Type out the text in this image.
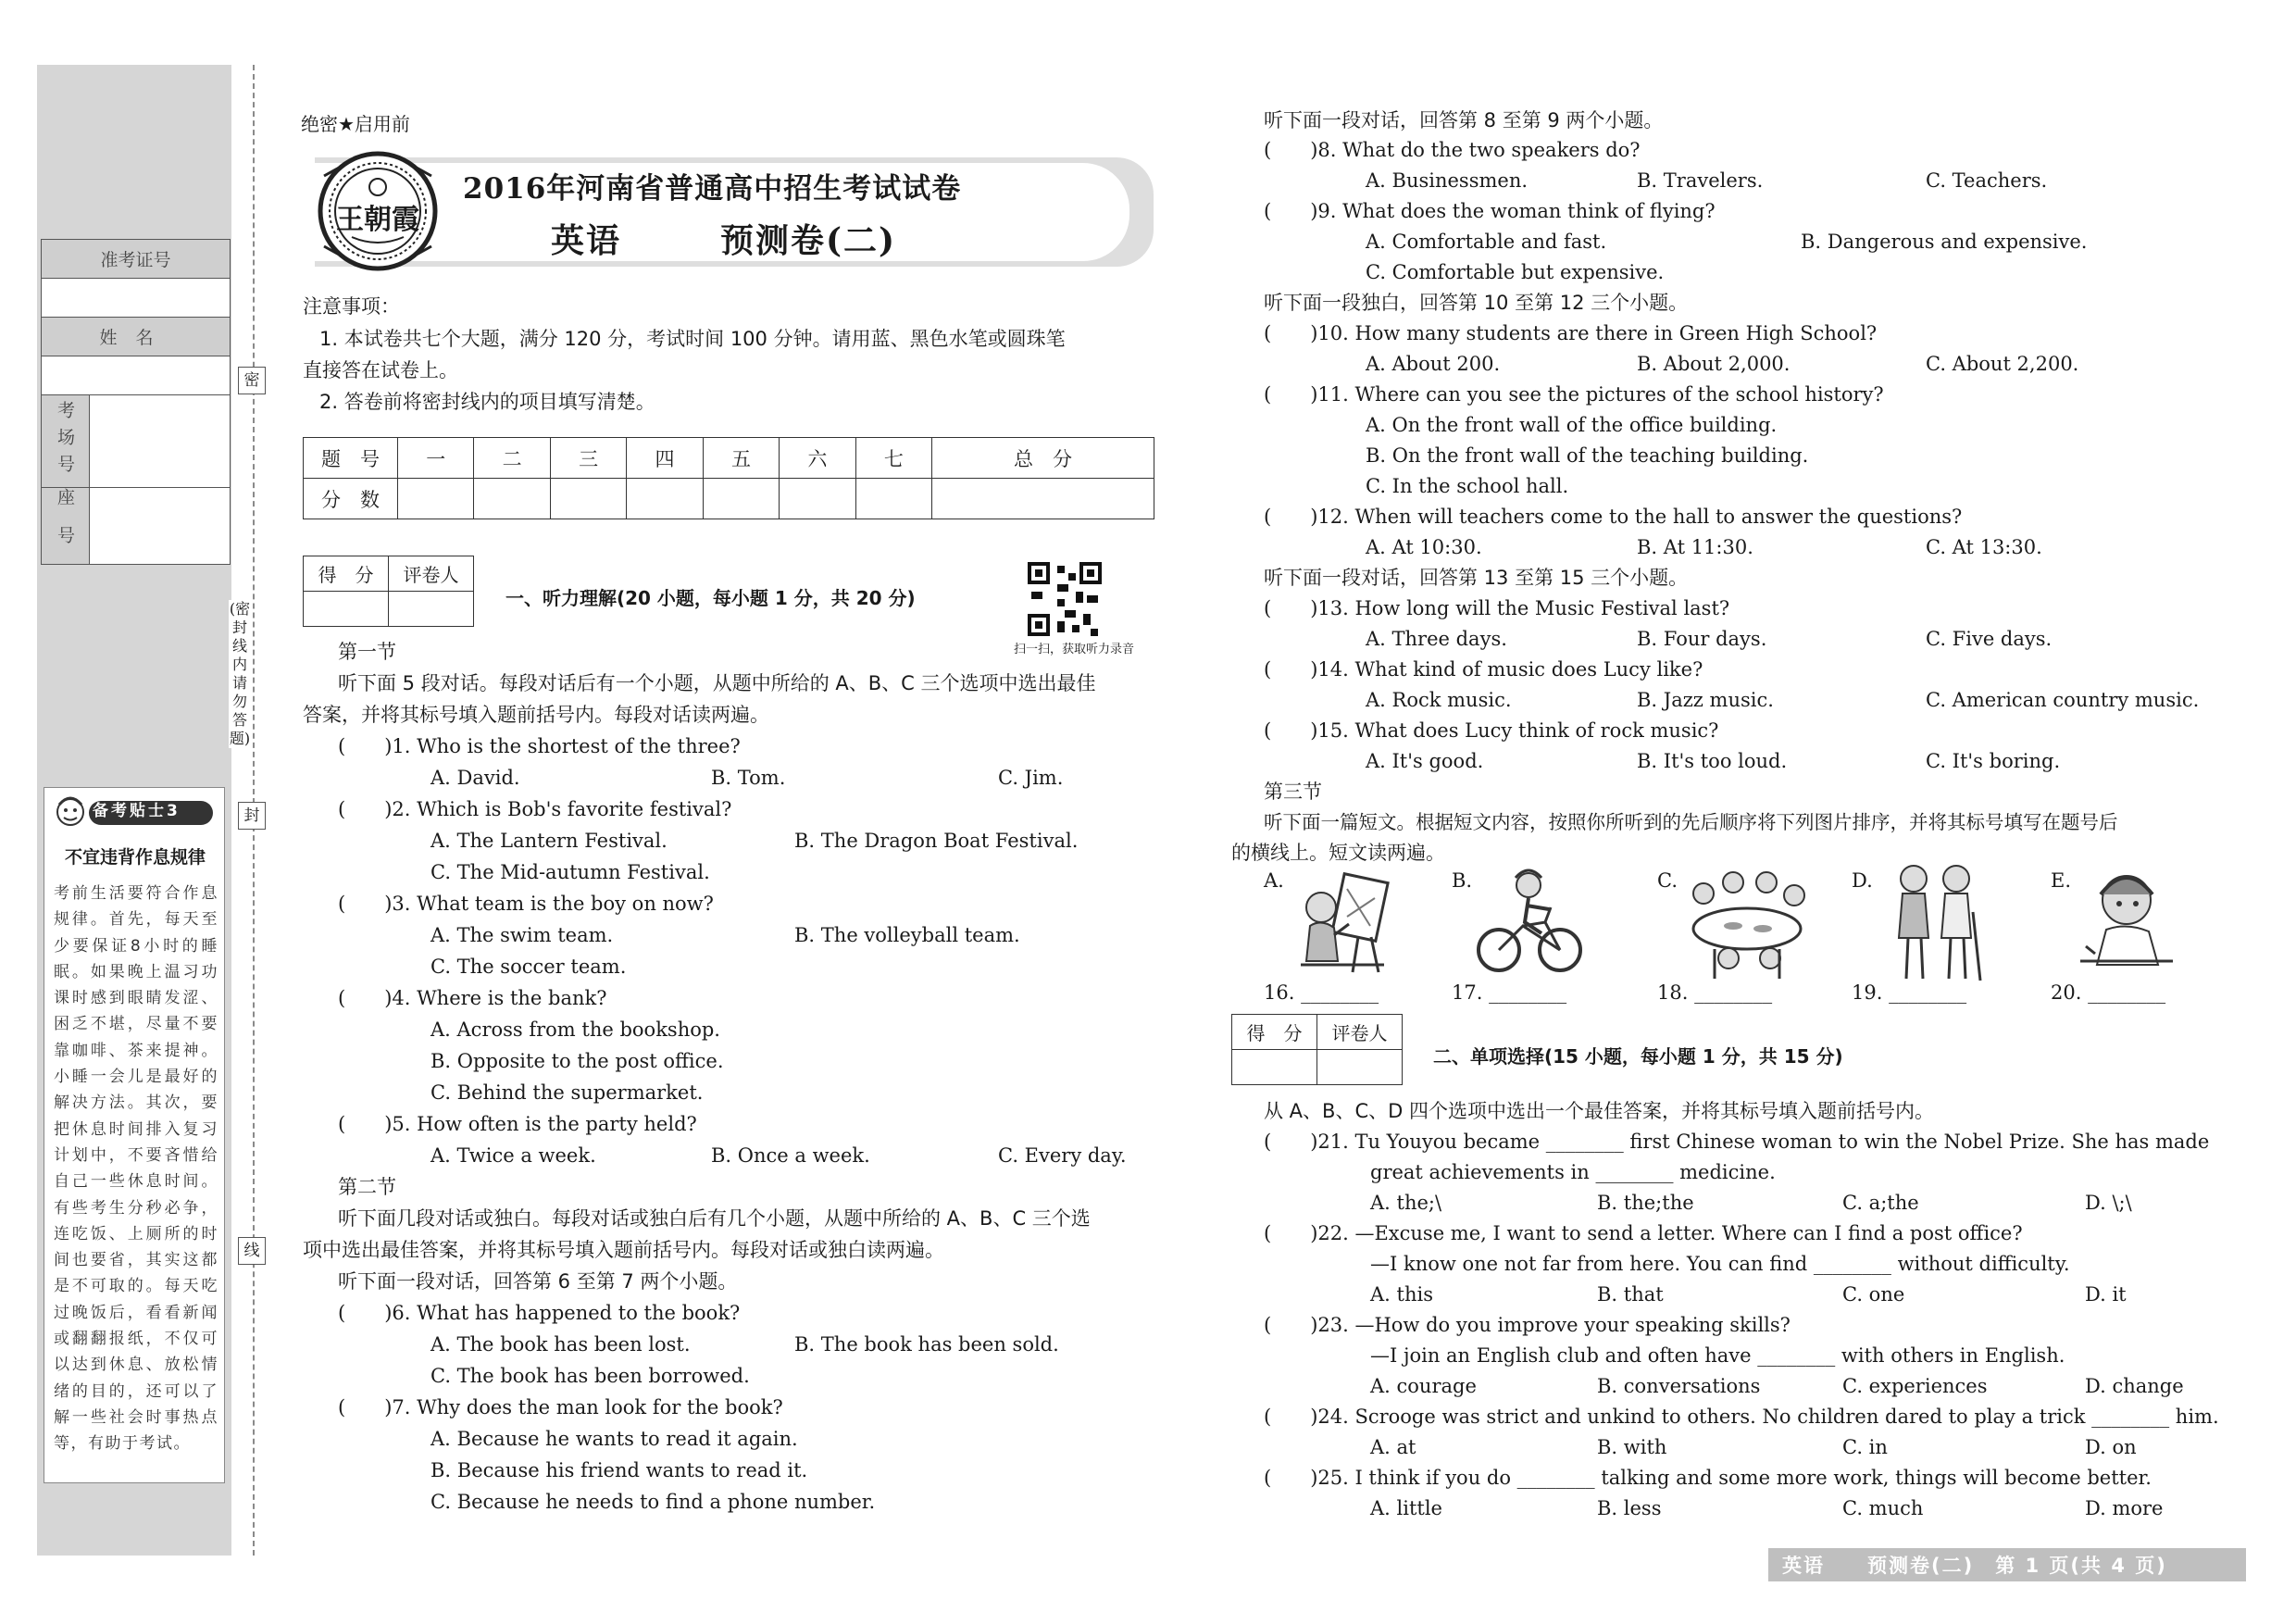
密
封
线
(密封线内请勿答题)
准考证号

姓名

考场号

座号
备考贴士3
不宜违背作息规律
考前生活要符合作息规律。首先，每天至少要保证8小时的睡眠。如果晚上温习功课时感到眼睛发涩、困乏不堪，尽量不要靠咖啡、茶来提神。小睡一会儿是最好的解决方法。其次，要把休息时间排入复习计划中，不要吝惜给自己一些休息时间。有些考生分秒必争，连吃饭、上厕所的时间也要省，其实这都是不可取的。每天吃过晚饭后，看看新闻或翻翻报纸，不仅可以达到休息、放松情绪的目的，还可以了解一些社会时事热点等，有助于考试。
绝密★启用前
王朝霞
2016年河南省普通高中招生考试试卷
英语	预测卷(二)
注意事项：
1. 本试卷共七个大题，满分 120 分，考试时间 100 分钟。请用蓝、黑色水笔或圆珠笔
直接答在试卷上。
2. 答卷前将密封线内的项目填写清楚。
题　号	一	二	三	四	五	六	七	总　分
分　数								
得　分	评卷人

一、听力理解(20 小题，每小题 1 分，共 20 分)
扫一扫，获取听力录音
第一节
听下面 5 段对话。每段对话后有一个小题，从题中所给的 A、B、C 三个选项中选出最佳
答案，并将其标号填入题前括号内。每段对话读两遍。
(　　)1. Who is the shortest of the three?
A. David.	B. Tom.	C. Jim.
(　　)2. Which is Bob's favorite festival?
A. The Lantern Festival.	B. The Dragon Boat Festival.
C. The Mid-autumn Festival.
(　　)3. What team is the boy on now?
A. The swim team.	B. The volleyball team.
C. The soccer team.
(　　)4. Where is the bank?
A. Across from the bookshop.
B. Opposite to the post office.
C. Behind the supermarket.
(　　)5. How often is the party held?
A. Twice a week.	B. Once a week.	C. Every day.
第二节
听下面几段对话或独白。每段对话或独白后有几个小题，从题中所给的 A、B、C 三个选
项中选出最佳答案，并将其标号填入题前括号内。每段对话或独白读两遍。
听下面一段对话，回答第 6 至第 7 两个小题。
(　　)6. What has happened to the book?
A. The book has been lost.	B. The book has been sold.
C. The book has been borrowed.
(　　)7. Why does the man look for the book?
A. Because he wants to read it again.
B. Because his friend wants to read it.
C. Because he needs to find a phone number.
听下面一段对话，回答第 8 至第 9 两个小题。
(　　)8. What do the two speakers do?
A. Businessmen.	B. Travelers.	C. Teachers.
(　　)9. What does the woman think of flying?
A. Comfortable and fast.	B. Dangerous and expensive.
C. Comfortable but expensive.
听下面一段独白，回答第 10 至第 12 三个小题。
(　　)10. How many students are there in Green High School?
A. About 200.	B. About 2,000.	C. About 2,200.
(　　)11. Where can you see the pictures of the school history?
A. On the front wall of the office building.
B. On the front wall of the teaching building.
C. In the school hall.
(　　)12. When will teachers come to the hall to answer the questions?
A. At 10:30.	B. At 11:30.	C. At 13:30.
听下面一段对话，回答第 13 至第 15 三个小题。
(　　)13. How long will the Music Festival last?
A. Three days.	B. Four days.	C. Five days.
(　　)14. What kind of music does Lucy like?
A. Rock music.	B. Jazz music.	C. American country music.
(　　)15. What does Lucy think of rock music?
A. It's good.	B. It's too loud.	C. It's boring.
第三节
听下面一篇短文。根据短文内容，按照你所听到的先后顺序将下列图片排序，并将其标号填写在题号后
的横线上。短文读两遍。
A.	B.	C.	D.	E.
16. ________	17. ________	18. ________	19. ________	20. ________
得　分	评卷人

二、单项选择(15 小题，每小题 1 分，共 15 分)
从 A、B、C、D 四个选项中选出一个最佳答案，并将其标号填入题前括号内。
(　　)21. Tu Youyou became ________ first Chinese woman to win the Nobel Prize. She has made
great achievements in ________ medicine.
A. the;\	B. the;the	C. a;the	D. \;\
(　　)22. —Excuse me, I want to send a letter. Where can I find a post office?
—I know one not far from here. You can find ________ without difficulty.
A. this	B. that	C. one	D. it
(　　)23. —How do you improve your speaking skills?
—I join an English club and often have ________ with others in English.
A. courage	B. conversations	C. experiences	D. change
(　　)24. Scrooge was strict and unkind to others. No children dared to play a trick ________ him.
A. at	B. with	C. in	D. on
(　　)25. I think if you do ________ talking and some more work, things will become better.
A. little	B. less	C. much	D. more
英语　　预测卷(二)　第 1 页(共 4 页)
